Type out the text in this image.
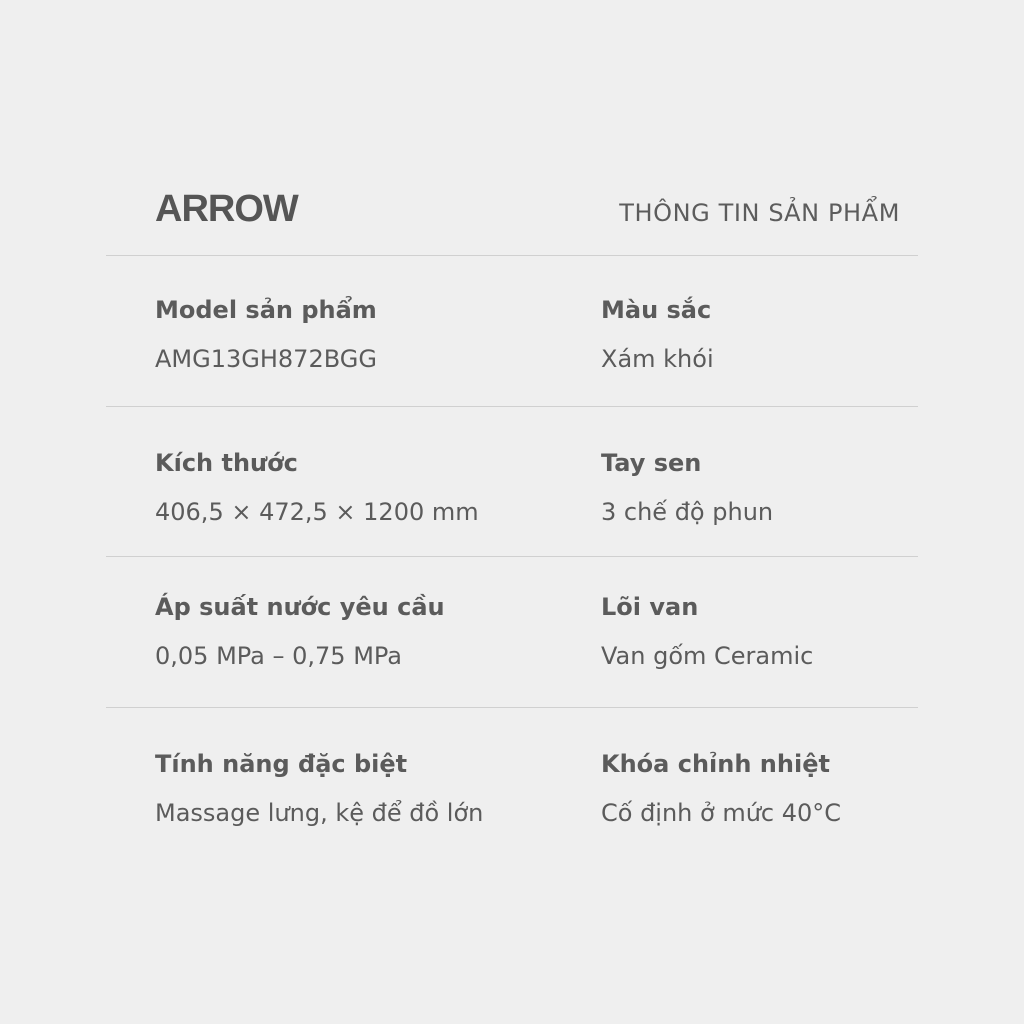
ARROW	THÔNG TIN SẢN PHẨM
Model sản phẩm
AMG13GH872BGG
Màu sắc
Xám khói
Kích thước
406,5 × 472,5 × 1200 mm
Tay sen
3 chế độ phun
Áp suất nước yêu cầu
0,05 MPa – 0,75 MPa
Lõi van
Van gốm Ceramic
Tính năng đặc biệt
Massage lưng, kệ để đồ lớn
Khóa chỉnh nhiệt
Cố định ở mức 40°C
